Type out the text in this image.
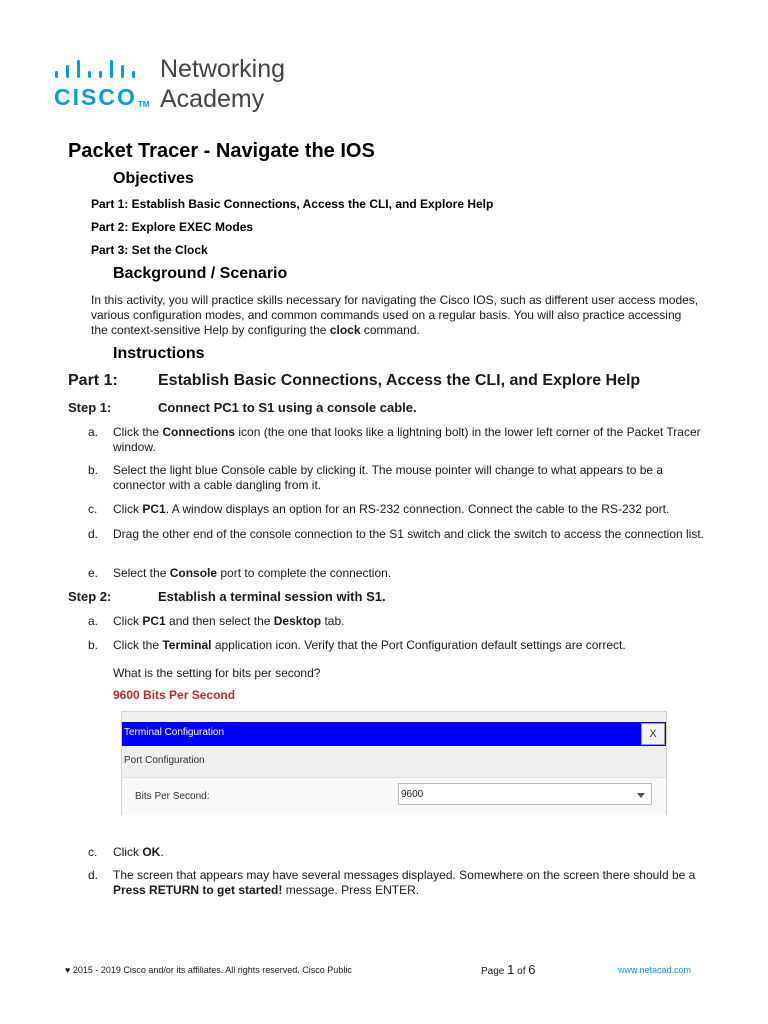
CISCOTM
Networking
Academy
Packet Tracer - Navigate the IOS
Objectives
Part 1: Establish Basic Connections, Access the CLI, and Explore Help
Part 2: Explore EXEC Modes
Part 3: Set the Clock
Background / Scenario
In this activity, you will practice skills necessary for navigating the Cisco IOS, such as different user access modes, various configuration modes, and common commands used on a regular basis. You will also practice accessing the context-sensitive Help by configuring the clock command.
Instructions
Part 1:	Establish Basic Connections, Access the CLI, and Explore Help
Step 1:	Connect PC1 to S1 using a console cable.
a.	Click the Connections icon (the one that looks like a lightning bolt) in the lower left corner of the Packet Tracer window.
b.	Select the light blue Console cable by clicking it. The mouse pointer will change to what appears to be a connector with a cable dangling from it.
c.	Click PC1. A window displays an option for an RS-232 connection. Connect the cable to the RS-232 port.
d.	Drag the other end of the console connection to the S1 switch and click the switch to access the connection list.
e.	Select the Console port to complete the connection.
Step 2:	Establish a terminal session with S1.
a.	Click PC1 and then select the Desktop tab.
b.	Click the Terminal application icon. Verify that the Port Configuration default settings are correct.
What is the setting for bits per second?
9600 Bits Per Second
Terminal Configuration	X
Port Configuration
Bits Per Second:	9600
c.	Click OK.
d.	The screen that appears may have several messages displayed. Somewhere on the screen there should be a Press RETURN to get started! message. Press ENTER.
♥ 2015 - 2019 Cisco and/or its affiliates. All rights reserved. Cisco Public	Page 1 of 6	www.netacad.com
